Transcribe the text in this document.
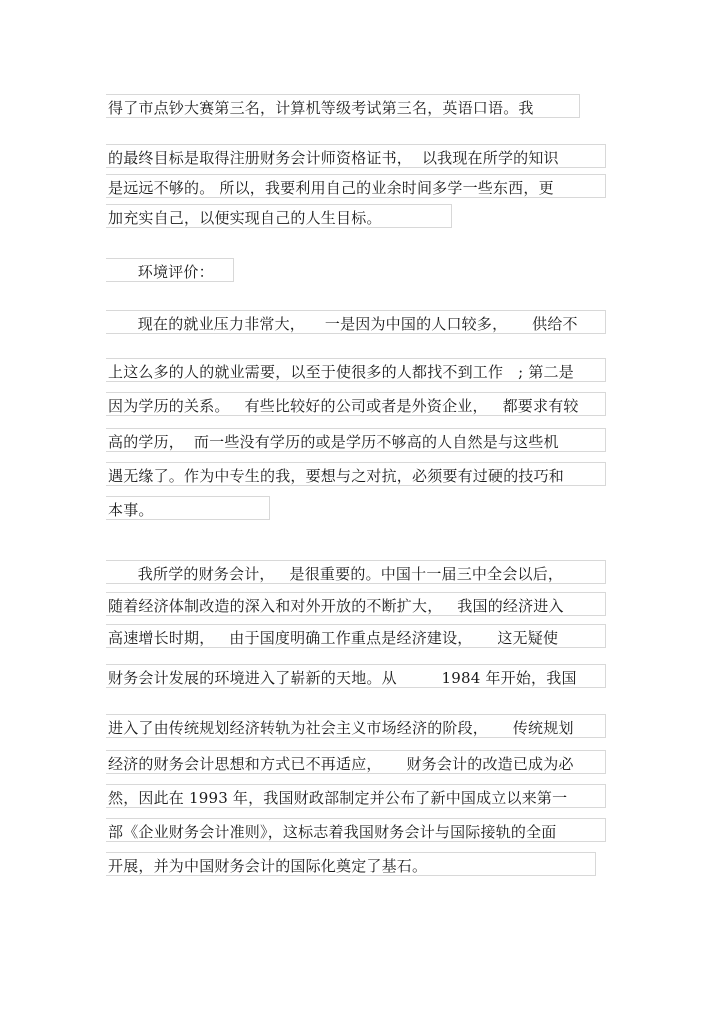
得了市点钞大赛第三名，计算机等级考试第三名，英语口语。我
的最终目标是取得注册财务会计师资格证书，  以我现在所学的知识
是远远不够的。 所以，我要利用自己的业余时间多学一些东西，更
加充实自己，以便实现自己的人生目标。
环境评价：
现在的就业压力非常大，    一是因为中国的人口较多，     供给不
上这么多的人的就业需要，以至于使很多的人都找不到工作   ; 第二是
因为学历的关系。   有些比较好的公司或者是外资企业，   都要求有较
高的学历，  而一些没有学历的或是学历不够高的人自然是与这些机
遇无缘了。作为中专生的我，要想与之对抗，必须要有过硬的技巧和
本事。
我所学的财务会计，   是很重要的。中国十一届三中全会以后，
随着经济体制改造的深入和对外开放的不断扩大，   我国的经济进入
高速增长时期，   由于国度明确工作重点是经济建设，     这无疑使
财务会计发展的环境进入了崭新的天地。从         1984 年开始，我国
进入了由传统规划经济转轨为社会主义市场经济的阶段，     传统规划
经济的财务会计思想和方式已不再适应，     财务会计的改造已成为必
然，因此在 1993 年，我国财政部制定并公布了新中国成立以来第一
部《企业财务会计准则》，这标志着我国财务会计与国际接轨的全面
开展，并为中国财务会计的国际化奠定了基石。
